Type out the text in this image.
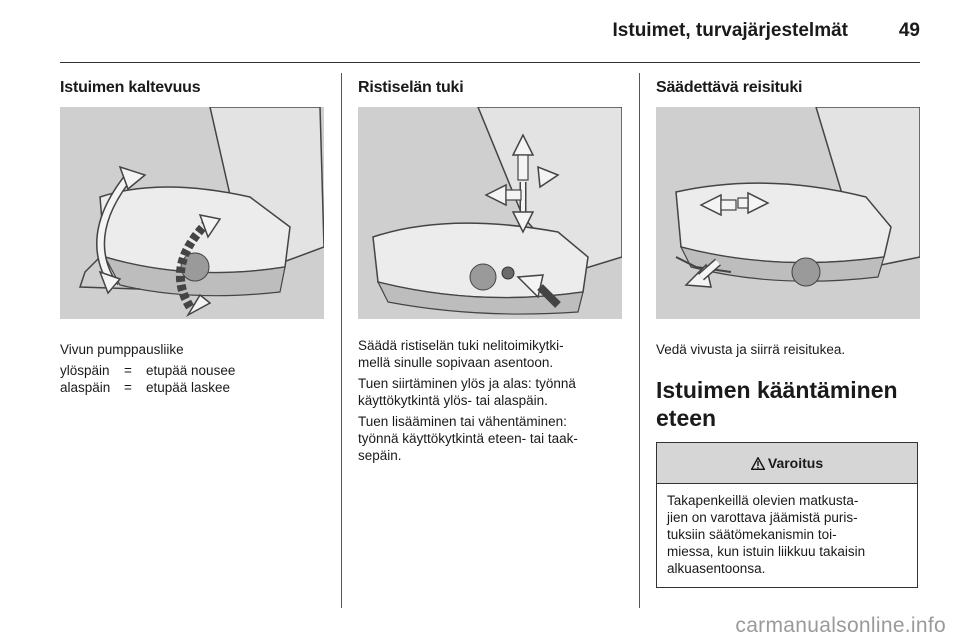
Istuimet, turvajärjestelmät	49
Istuimen kaltevuus

Vivun pumppausliike

ylöspäin	=	etupää nousee
alaspäin	=	etupää laskee
Ristiselän tuki

Säädä ristiselän tuki nelitoimikytki-
mellä sinulle sopivaan asentoon.

Tuen siirtäminen ylös ja alas: työnnä
käyttökytkintä ylös- tai alaspäin.

Tuen lisääminen tai vähentäminen:
työnnä käyttökytkintä eteen- tai taak-
sepäin.

Säädettävä reisituki

Vedä vivusta ja siirrä reisitukea.

Istuimen kääntäminen
eteen

Varoitus
Takapenkeillä olevien matkusta-
jien on varottava jäämistä puris-
tuksiin säätömekanismin toi-
miessa, kun istuin liikkuu takaisin
alkuasentoonsa.
carmanualsonline.info
